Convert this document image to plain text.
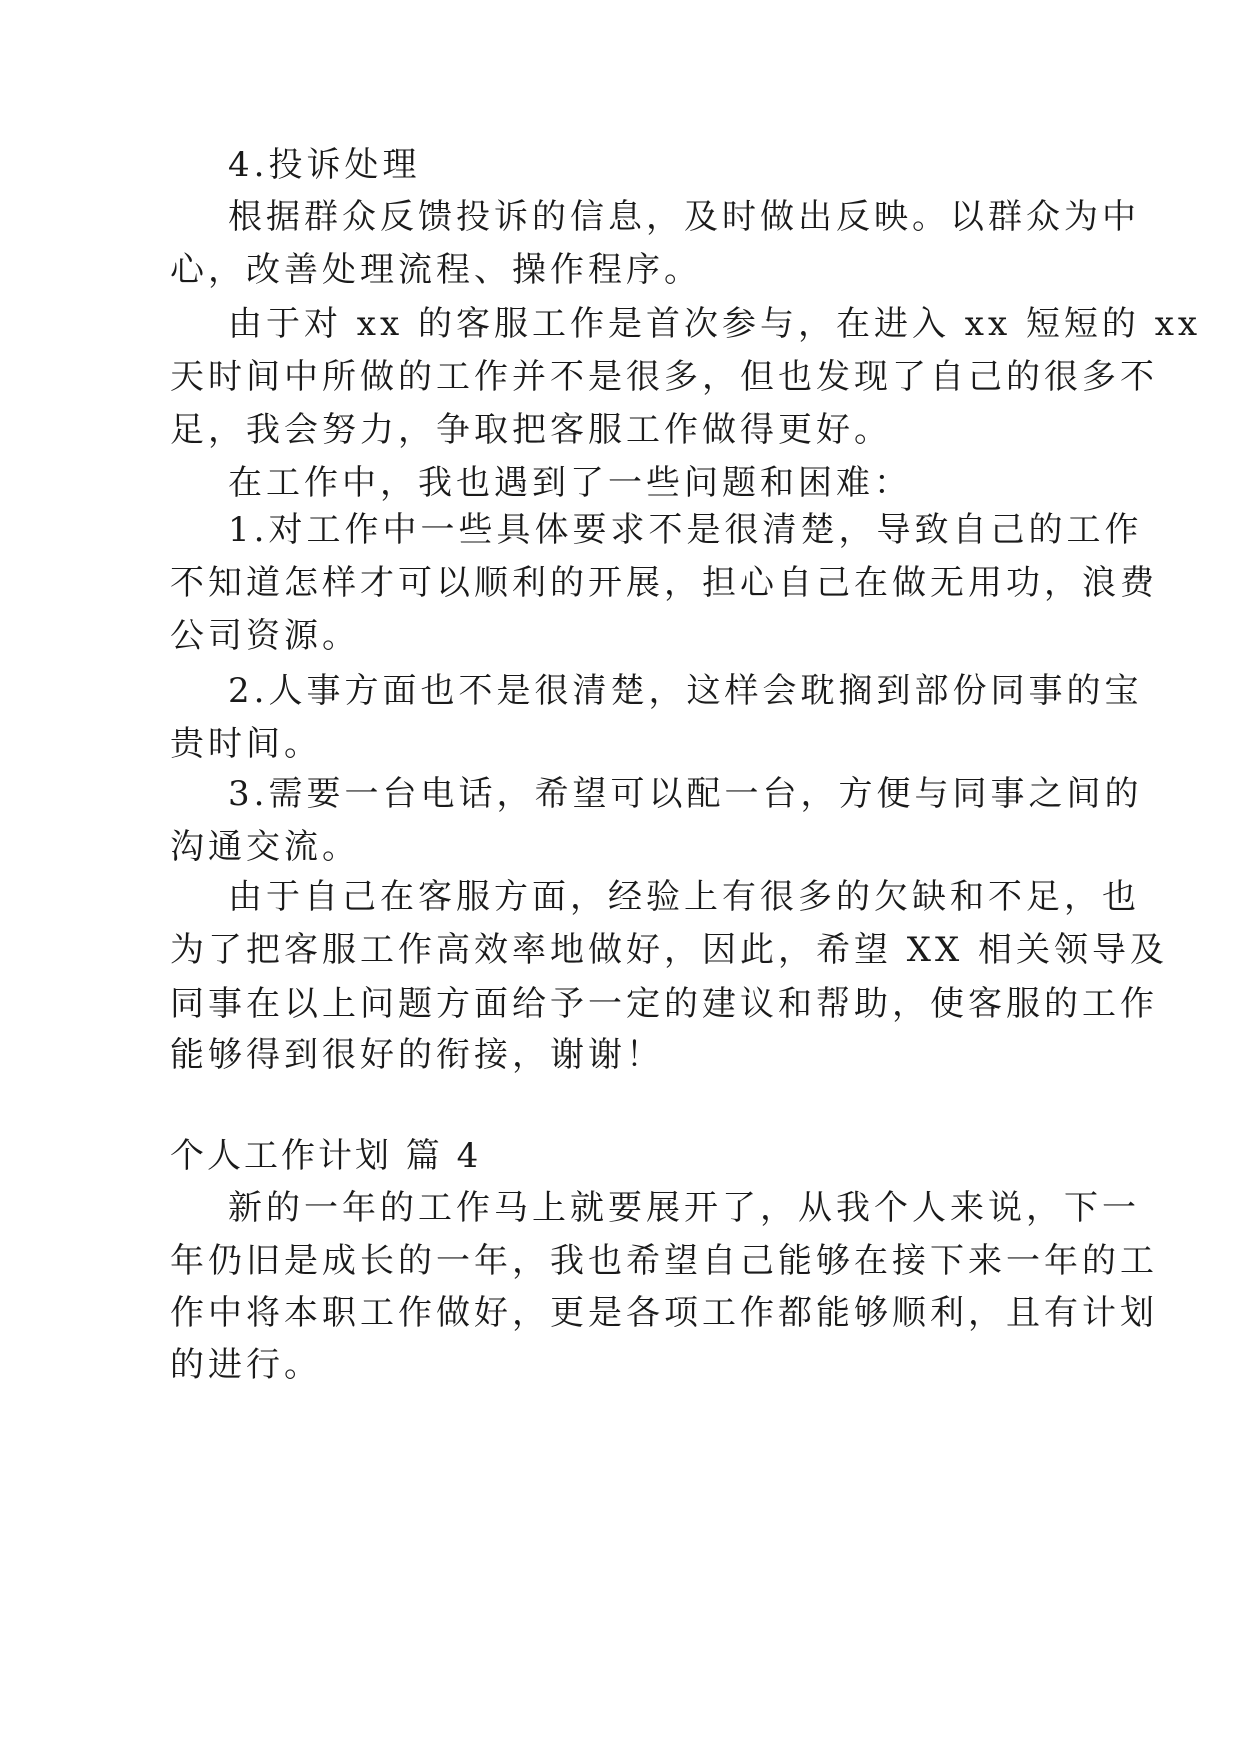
4.投诉处理
根据群众反馈投诉的信息，及时做出反映。以群众为中
心，改善处理流程、操作程序。
由于对 xx 的客服工作是首次参与，在进入 xx 短短的 xx
天时间中所做的工作并不是很多，但也发现了自己的很多不
足，我会努力，争取把客服工作做得更好。
在工作中，我也遇到了一些问题和困难：
1.对工作中一些具体要求不是很清楚，导致自己的工作
不知道怎样才可以顺利的开展，担心自己在做无用功，浪费
公司资源。
2.人事方面也不是很清楚，这样会耽搁到部份同事的宝
贵时间。
3.需要一台电话，希望可以配一台，方便与同事之间的
沟通交流。
由于自己在客服方面，经验上有很多的欠缺和不足，也
为了把客服工作高效率地做好，因此，希望 XX 相关领导及
同事在以上问题方面给予一定的建议和帮助，使客服的工作
能够得到很好的衔接，谢谢！
个人工作计划 篇 4
新的一年的工作马上就要展开了，从我个人来说，下一
年仍旧是成长的一年，我也希望自己能够在接下来一年的工
作中将本职工作做好，更是各项工作都能够顺利，且有计划
的进行。
